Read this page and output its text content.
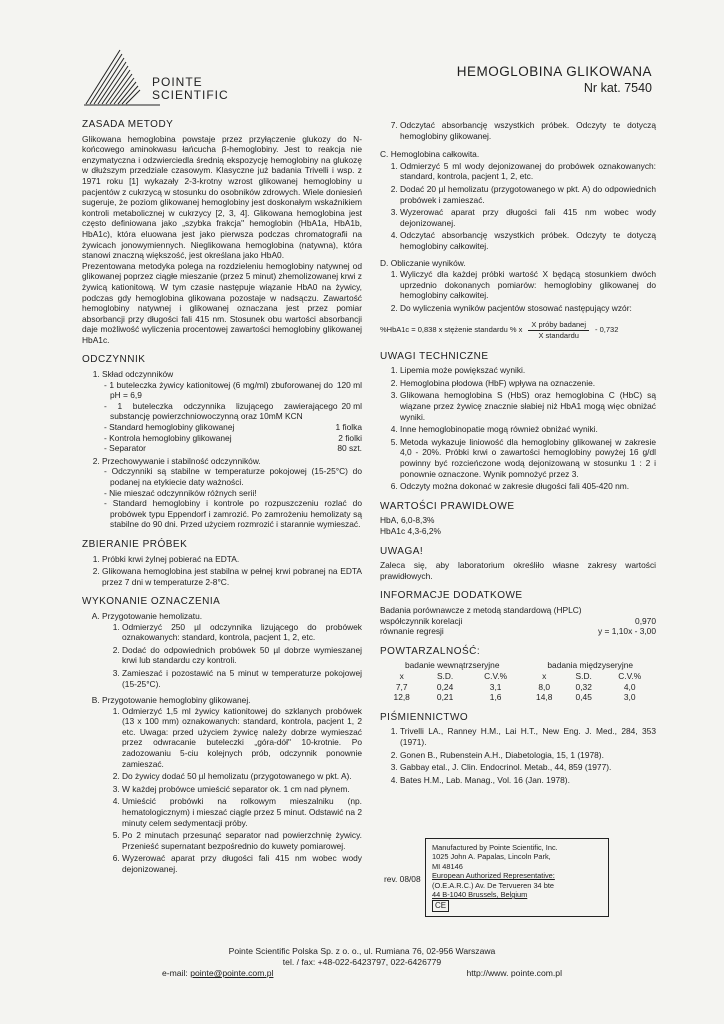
POINTE
SCIENTIFIC
HEMOGLOBINA GLIKOWANA
Nr kat. 7540
ZASADA METODY

Glikowana hemoglobina powstaje przez przyłączenie glukozy do N-końcowego aminokwasu łańcucha β-hemoglobiny. Jest to reakcja nie enzymatyczna i odzwierciedla średnią ekspozycję hemoglobiny na glukozę w dłuższym przedziale czasowym. Klasyczne już badania Trivelli i wsp. z 1971 roku [1] wykazały 2-3-krotny wzrost glikowanej hemoglobiny u pacjentów z cukrzycą w stosunku do osobników zdrowych. Wiele doniesień sugeruje, że poziom glikowanej hemoglobiny jest doskonałym wskaźnikiem kontroli metabolicznej w cukrzycy [2, 3, 4]. Glikowana hemoglobina jest często definiowana jako „szybka frakcja" hemoglobin (HbA1a, HbA1b, HbA1c), która eluowana jest jako pierwsza podczas chromatografii na żywicach jonowymiennych. Nieglikowana hemoglobina (natywna), która stanowi znaczną większość, jest określana jako HbA0.

Prezentowana metodyka polega na rozdzieleniu hemoglobiny natywnej od glikowanej poprzez ciągłe mieszanie (przez 5 minut) zhemolizowanej krwi z żywicą kationitową. W tym czasie następuje wiązanie HbA0 na żywicy, podczas gdy hemoglobina glikowana pozostaje w nadsączu. Zawartość hemoglobiny natywnej i glikowanej oznaczana jest przez pomiar absorbancji przy długości fali 415 nm. Stosunek obu wartości absorbancji daje możliwość wyliczenia procentowej zawartości hemoglobiny glikowanej HbA1c.

ODCZYNNIK
1. Skład odczynników
- 1 buteleczka żywicy kationitowej (6 mg/ml) zbuforowanej do pH = 6,9
120 ml
- 1 buteleczka odczynnika lizującego zawierającego substancję powierzchniowoczynną oraz 10mM KCN
20 ml
- Standard hemoglobiny glikowanej	1 fiolka
- Kontrola hemoglobiny glikowanej	2 fiolki
- Separator	80 szt.
2. Przechowywanie i stabilność odczynników.
- Odczynniki są stabilne w temperaturze pokojowej (15-25°C) do podanej na etykiecie daty ważności.
- Nie mieszać odczynników różnych serii!
- Standard hemoglobiny i kontrole po rozpuszczeniu rozlać do probówek typu Eppendorf i zamrozić. Po zamrożeniu hemolizaty są stabilne do 90 dni. Przed użyciem rozmrozić i starannie wymieszać.
ZBIERANIE PRÓBEK
1. Próbki krwi żylnej pobierać na EDTA.
2. Glikowana hemoglobina jest stabilna w pełnej krwi pobranej na EDTA przez 7 dni w temperaturze 2-8°C.
WYKONANIE OZNACZENIA
A. Przygotowanie hemolizatu.
1. Odmierzyć 250 µl odczynnika lizującego do probówek oznakowanych: standard, kontrola, pacjent 1, 2, etc.
2. Dodać do odpowiednich probówek 50 µl dobrze wymieszanej krwi lub standardu czy kontroli.
3. Zamieszać i pozostawić na 5 minut w temperaturze pokojowej (15-25°C).
B. Przygotowanie hemoglobiny glikowanej.
1. Odmierzyć 1,5 ml żywicy kationitowej do szklanych probówek (13 x 100 mm) oznakowanych: standard, kontrola, pacjent 1, 2 etc. Uwaga: przed użyciem żywicę należy dobrze wymieszać przez odwracanie buteleczki „góra-dół" 10-krotnie. Po zadozowaniu 5-ciu kolejnych prób, odczynnik ponownie zamieszać.
2. Do żywicy dodać 50 µl hemolizatu (przygotowanego w pkt. A).
3. W każdej probówce umieścić separator ok. 1 cm nad płynem.
4. Umieścić probówki na rolkowym mieszalniku (np. hematologicznym) i mieszać ciągle przez 5 minut. Odstawić na 2 minuty celem sedymentacji próby.
5. Po 2 minutach przesunąć separator nad powierzchnię żywicy. Przenieść supernatant bezpośrednio do kuwety pomiarowej.
6. Wyzerować aparat przy długości fali 415 nm wobec wody dejonizowanej.
7. Odczytać absorbancję wszystkich próbek. Odczyty te dotyczą hemoglobiny glikowanej.
C. Hemoglobina całkowita.
1. Odmierzyć 5 ml wody dejonizowanej do probówek oznakowanych: standard, kontrola, pacjent 1, 2, etc.
2. Dodać 20 µl hemolizatu (przygotowanego w pkt. A) do odpowiednich probówek i zamieszać.
3. Wyzerować aparat przy długości fali 415 nm wobec wody dejonizowanej.
4. Odczytać absorbancję wszystkich próbek. Odczyty te dotyczą hemoglobiny całkowitej.
D. Obliczanie wyników.
1. Wyliczyć dla każdej próbki wartość X będącą stosunkiem dwóch uprzednio dokonanych pomiarów: hemoglobiny glikowanej do hemoglobiny całkowitej.
2. Do wyliczenia wyników pacjentów stosować następujący wzór:
%HbA1c = 0,838 x stężenie standardu % x $\frac{\text{X próby badanej}}{\text{X standardu}} - 0,732$
UWAGI TECHNICZNE
1. Lipemia może powiększać wyniki.
2. Hemoglobina płodowa (HbF) wpływa na oznaczenie.
3. Glikowana hemoglobina S (HbS) oraz hemoglobina C (HbC) są wiązane przez żywicę znacznie słabiej niż HbA1 mogą więc obniżać wyniki.
4. Inne hemoglobinopatie mogą również obniżać wyniki.
5. Metoda wykazuje liniowość dla hemoglobiny glikowanej w zakresie 4,0 - 20%. Próbki krwi o zawartości hemoglobiny powyżej 16 g/dl powinny być rozcieńczone wodą dejonizowaną w stosunku 1 : 2 i ponownie oznaczone. Wynik pomnożyć przez 3.
6. Odczyty można dokonać w zakresie długości fali 405-420 nm.
WARTOŚCI PRAWIDŁOWE
HbA, 6,0-8,3%
HbA1c 4,3-6,2%
UWAGA!

Zaleca się, aby laboratorium określiło własne zakresy wartości prawidłowych.

INFORMACJE DODATKOWE
Badania porównawcze z metodą standardową (HPLC)
współczynnik korelacji	0,970
równanie regresji	y = 1,10x - 3,00
POWTARZALNOŚĆ:
badanie wewnątrzseryjne			badania międzyseryjne		
x	S.D.	C.V.%	x	S.D.	C.V.%
7,7	0,24	3,1	8,0	0,32	4,0
12,8	0,21	1,6	14,8	0,45	3,0
PIŚMIENNICTWO
1. Trivelli LA., Ranney H.M., Lai H.T., New Eng. J. Med., 284, 353 (1971).
2. Gonen B., Rubenstein A.H., Diabetologia, 15, 1 (1978).
3. Gabbay etal., J. Clin. Endocrinol. Metab., 44, 859 (1977).
4. Bates H.M., Lab. Manag., Vol. 16 (Jan. 1978).
rev. 08/08
Manufactured by Pointe Scientific, Inc.
1025 John A. Papalas, Lincoln Park,
MI 48146
European Authorized Representative:
(O.E.A.R.C.) Av. De Tervueren 34 bte
44 B-1040 Brussels, Belgium
CE
Pointe Scientific Polska Sp. z o. o., ul. Rumiana 76, 02-956 Warszawa
tel. / fax: +48-022-6423797, 022-6426779
e-mail: pointe@pointe.com.pl	http://www. pointe.com.pl
